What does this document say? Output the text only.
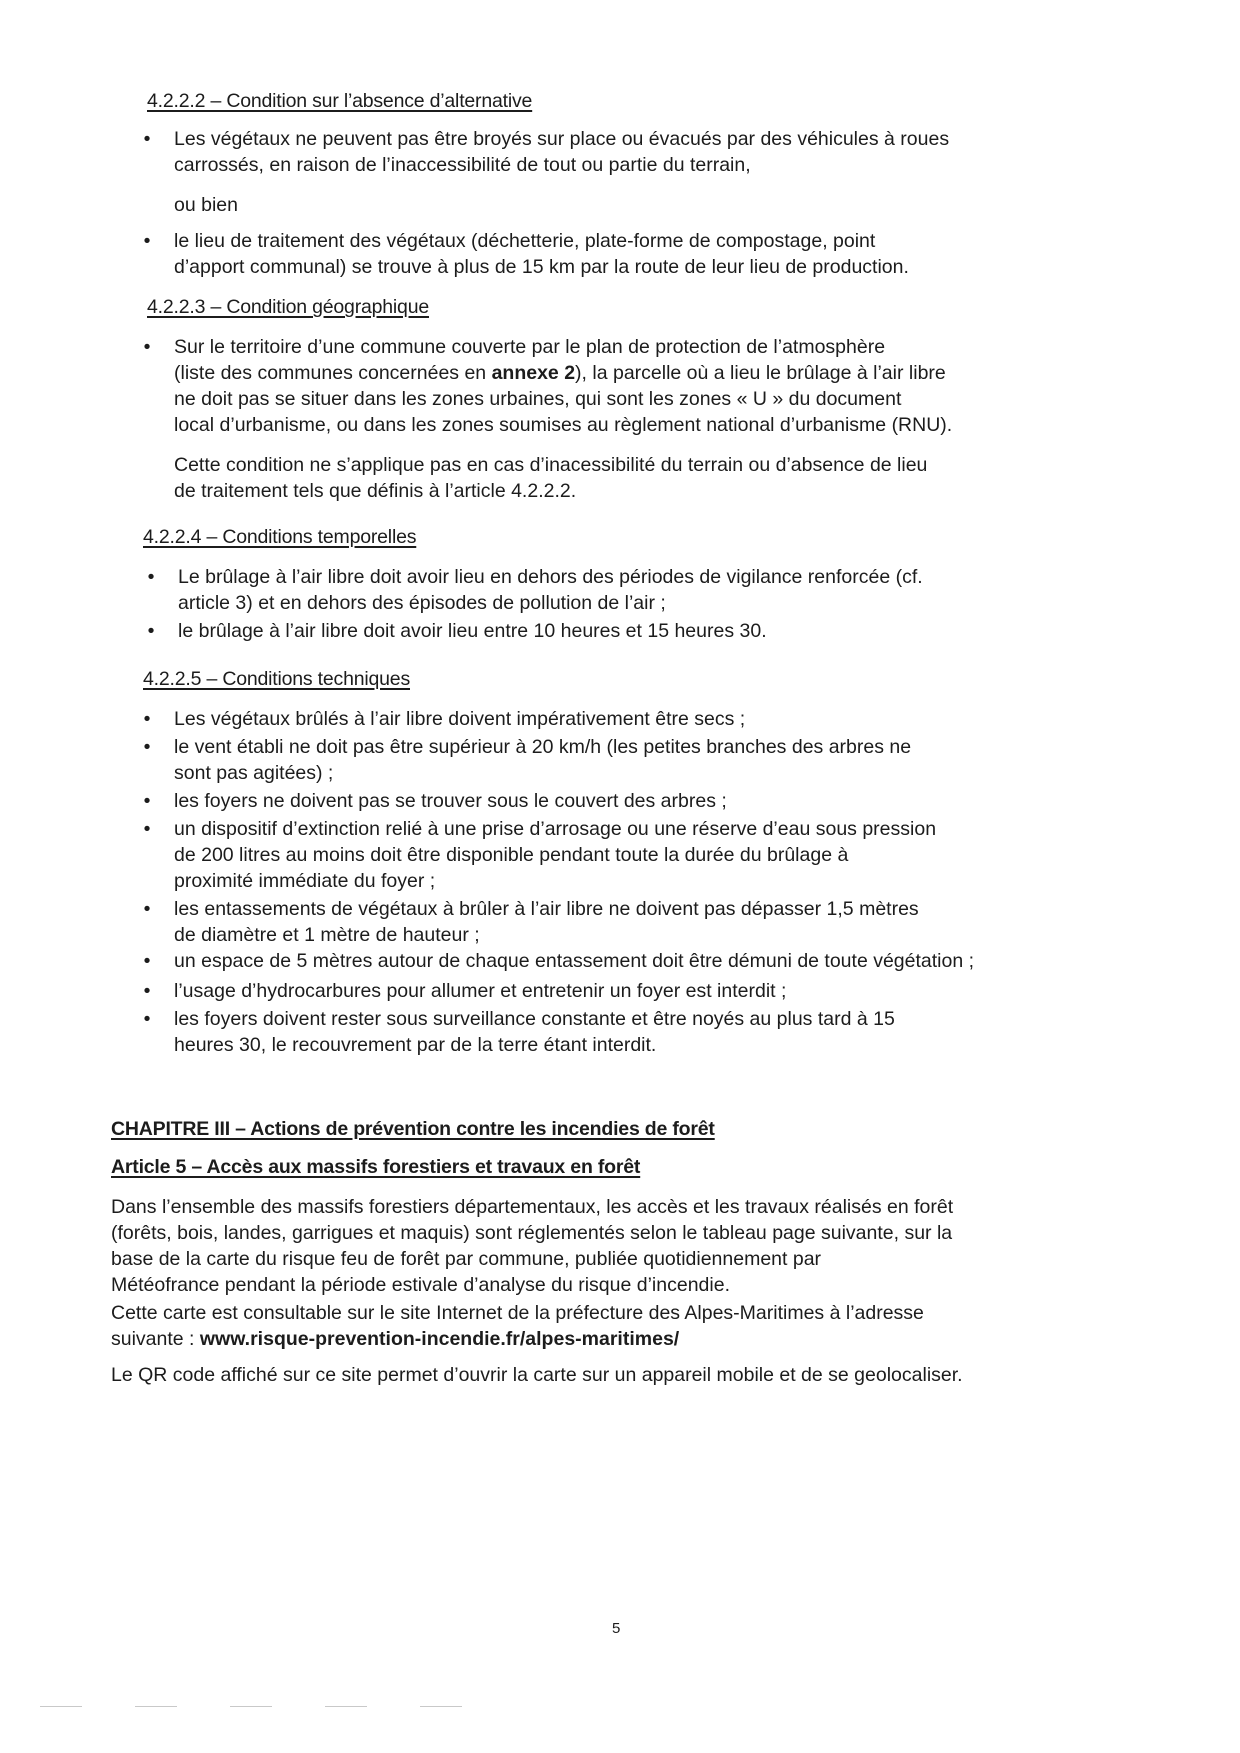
4.2.2.2 – Condition sur l’absence d’alternative
• Les végétaux ne peuvent pas être broyés sur place ou évacués par des véhicules à roues
carrossés, en raison de l’inaccessibilité de tout ou partie du terrain,
ou bien
• le lieu de traitement des végétaux (déchetterie, plate-forme de compostage, point
d’apport communal) se trouve à plus de 15 km par la route de leur lieu de production.
4.2.2.3 – Condition géographique
• Sur le territoire d’une commune couverte par le plan de protection de l’atmosphère
(liste des communes concernées en annexe 2), la parcelle où a lieu le brûlage à l’air libre
ne doit pas se situer dans les zones urbaines, qui sont les zones « U » du document
local d’urbanisme, ou dans les zones soumises au règlement national d’urbanisme (RNU).
Cette condition ne s’applique pas en cas d’inacessibilité du terrain ou d’absence de lieu
de traitement tels que définis à l’article 4.2.2.2.
4.2.2.4 – Conditions temporelles
• Le brûlage à l’air libre doit avoir lieu en dehors des périodes de vigilance renforcée (cf.
article 3) et en dehors des épisodes de pollution de l’air ;
• le brûlage à l’air libre doit avoir lieu entre 10 heures et 15 heures 30.
4.2.2.5 – Conditions techniques
• Les végétaux brûlés à l’air libre doivent impérativement être secs ;
• le vent établi ne doit pas être supérieur à 20 km/h (les petites branches des arbres ne
sont pas agitées) ;
• les foyers ne doivent pas se trouver sous le couvert des arbres ;
• un dispositif d’extinction relié à une prise d’arrosage ou une réserve d’eau sous pression
de 200 litres au moins doit être disponible pendant toute la durée du brûlage à
proximité immédiate du foyer ;
• les entassements de végétaux à brûler à l’air libre ne doivent pas dépasser 1,5 mètres
de diamètre et 1 mètre de hauteur ;
• un espace de 5 mètres autour de chaque entassement doit être démuni de toute végétation ;
• l’usage d’hydrocarbures pour allumer et entretenir un foyer est interdit ;
• les foyers doivent rester sous surveillance constante et être noyés au plus tard à 15
heures 30, le recouvrement par de la terre étant interdit.
CHAPITRE III – Actions de prévention contre les incendies de forêt
Article 5 – Accès aux massifs forestiers et travaux en forêt
Dans l’ensemble des massifs forestiers départementaux, les accès et les travaux réalisés en forêt
(forêts, bois, landes, garrigues et maquis) sont réglementés selon le tableau page suivante, sur la
base de la carte du risque feu de forêt par commune, publiée quotidiennement par
Météofrance pendant la période estivale d’analyse du risque d’incendie.
Cette carte est consultable sur le site Internet de la préfecture des Alpes-Maritimes à l’adresse
suivante : www.risque-prevention-incendie.fr/alpes-maritimes/
Le QR code affiché sur ce site permet d’ouvrir la carte sur un appareil mobile et de se geolocaliser.
5
